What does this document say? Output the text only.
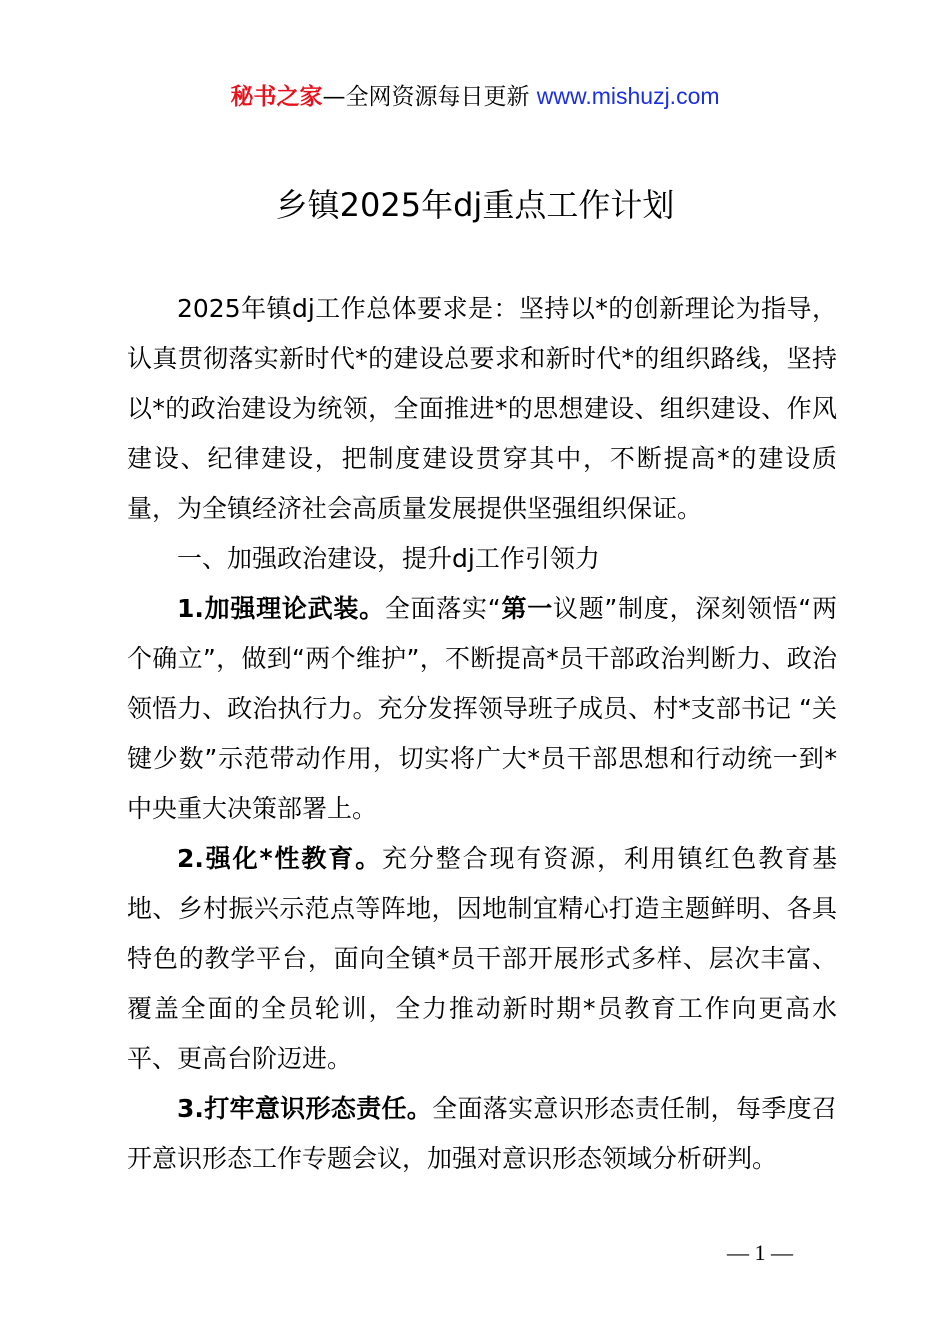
秘书之家—全网资源每日更新 www.mishuzj.com
乡镇2025年dj重点工作计划

2025年镇dj工作总体要求是：坚持以*的创新理论为指导，认真贯彻落实新时代*的建设总要求和新时代*的组织路线，坚持以*的政治建设为统领，全面推进*的思想建设、组织建设、作风建设、纪律建设，把制度建设贯穿其中，不断提高*的建设质量，为全镇经济社会高质量发展提供坚强组织保证。

一、加强政治建设，提升dj工作引领力

1.加强理论武装。全面落实“第一议题”制度，深刻领悟“两个确立”，做到“两个维护”，不断提高*员干部政治判断力、政治领悟力、政治执行力。充分发挥领导班子成员、村*支部书记 “关键少数”示范带动作用，切实将广大*员干部思想和行动统一到*中央重大决策部署上。

2.强化*性教育。充分整合现有资源，利用镇红色教育基地、乡村振兴示范点等阵地，因地制宜精心打造主题鲜明、各具特色的教学平台，面向全镇*员干部开展形式多样、层次丰富、覆盖全面的全员轮训，全力推动新时期*员教育工作向更高水平、更高台阶迈进。

3.打牢意识形态责任。全面落实意识形态责任制，每季度召开意识形态工作专题会议，加强对意识形态领域分析研判。

— 1 —
